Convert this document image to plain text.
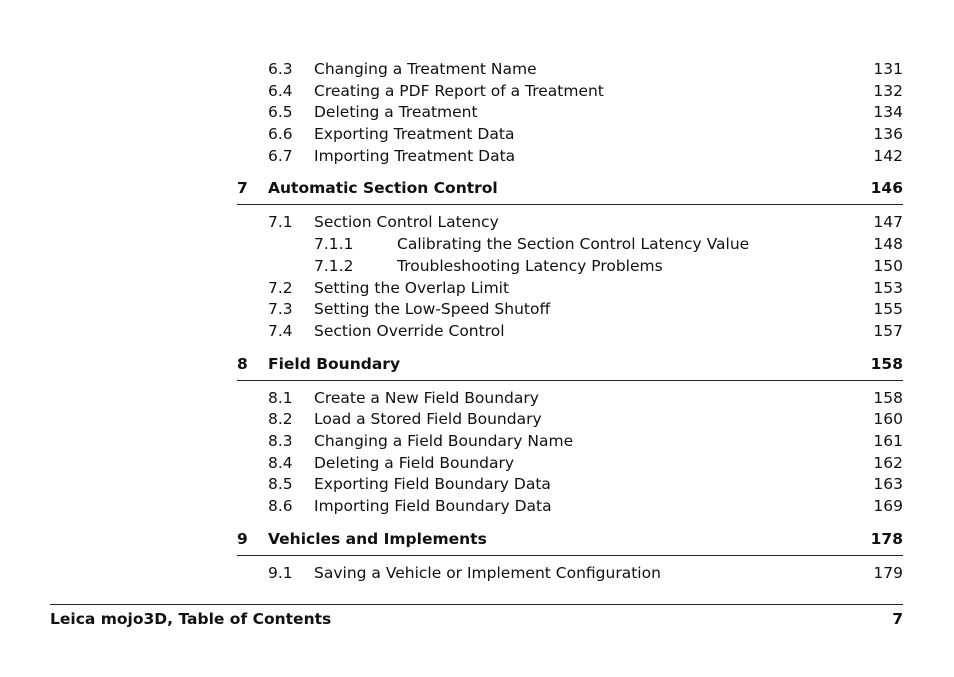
6.3 Changing a Treatment Name	131
6.4 Creating a PDF Report of a Treatment	132
6.5 Deleting a Treatment	134
6.6 Exporting Treatment Data	136
6.7 Importing Treatment Data	142
7 Automatic Section Control	146
7.1 Section Control Latency	147
7.1.1	Calibrating the Section Control Latency Value	148
7.1.2	Troubleshooting Latency Problems	150
7.2 Setting the Overlap Limit	153
7.3 Setting the Low-Speed Shutoff	155
7.4 Section Override Control	157
8 Field Boundary	158
8.1 Create a New Field Boundary	158
8.2 Load a Stored Field Boundary	160
8.3 Changing a Field Boundary Name	161
8.4 Deleting a Field Boundary	162
8.5 Exporting Field Boundary Data	163
8.6 Importing Field Boundary Data	169
9 Vehicles and Implements	178
9.1 Saving a Vehicle or Implement Configuration	179
Leica mojo3D, Table of Contents	7
